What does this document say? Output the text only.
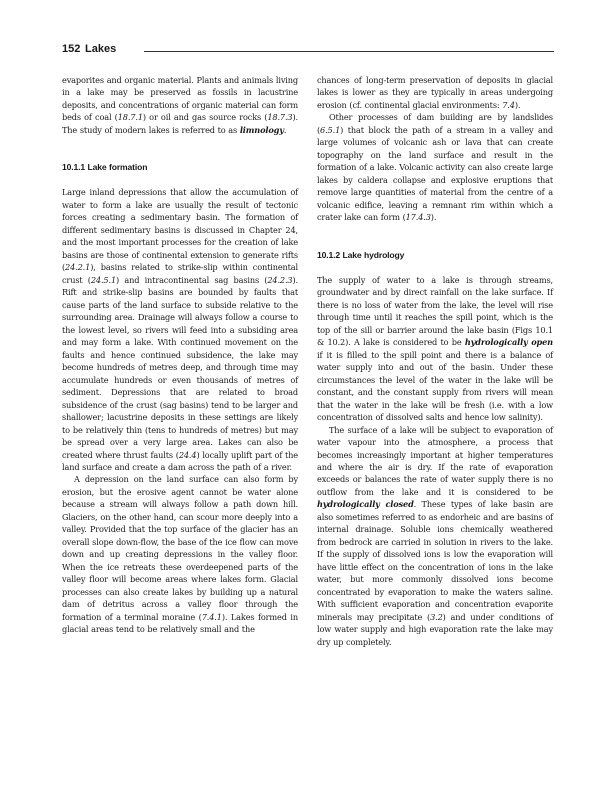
152 Lakes

evaporites and organic material. Plants and animals living in a lake may be preserved as fossils in lacustrine deposits, and concentrations of organic material can form beds of coal (18.7.1) or oil and gas source rocks (18.7.3). The study of modern lakes is referred to as limnology.

10.1.1 Lake formation

Large inland depressions that allow the accumulation of water to form a lake are usually the result of tectonic forces creating a sedimentary basin. The formation of different sedimentary basins is discussed in Chapter 24, and the most important processes for the creation of lake basins are those of continental extension to generate rifts (24.2.1), basins related to strike-slip within continental crust (24.5.1) and intracontinental sag basins (24.2.3). Rift and strike-slip basins are bounded by faults that cause parts of the land surface to subside relative to the surrounding area. Drainage will always follow a course to the lowest level, so rivers will feed into a subsiding area and may form a lake. With continued movement on the faults and hence continued subsidence, the lake may become hundreds of metres deep, and through time may accumulate hundreds or even thousands of metres of sediment. Depressions that are related to broad subsidence of the crust (sag basins) tend to be larger and shallower; lacustrine deposits in these settings are likely to be relatively thin (tens to hundreds of metres) but may be spread over a very large area. Lakes can also be created where thrust faults (24.4) locally uplift part of the land surface and create a dam across the path of a river.

A depression on the land surface can also form by erosion, but the erosive agent cannot be water alone because a stream will always follow a path down hill. Glaciers, on the other hand, can scour more deeply into a valley. Provided that the top surface of the glacier has an overall slope down-flow, the base of the ice flow can move down and up creating depressions in the valley floor. When the ice retreats these overdeepened parts of the valley floor will become areas where lakes form. Glacial processes can also create lakes by building up a natural dam of detritus across a valley floor through the formation of a terminal moraine (7.4.1). Lakes formed in glacial areas tend to be relatively small and the

chances of long-term preservation of deposits in glacial lakes is lower as they are typically in areas undergoing erosion (cf. continental glacial environments: 7.4).

Other processes of dam building are by landslides (6.5.1) that block the path of a stream in a valley and large volumes of volcanic ash or lava that can create topography on the land surface and result in the formation of a lake. Volcanic activity can also create large lakes by caldera collapse and explosive eruptions that remove large quantities of material from the centre of a volcanic edifice, leaving a remnant rim within which a crater lake can form (17.4.3).

10.1.2 Lake hydrology

The supply of water to a lake is through streams, groundwater and by direct rainfall on the lake surface. If there is no loss of water from the lake, the level will rise through time until it reaches the spill point, which is the top of the sill or barrier around the lake basin (Figs 10.1 & 10.2). A lake is considered to be hydrologically open if it is filled to the spill point and there is a balance of water supply into and out of the basin. Under these circumstances the level of the water in the lake will be constant, and the constant supply from rivers will mean that the water in the lake will be fresh (i.e. with a low concentration of dissolved salts and hence low salinity).

The surface of a lake will be subject to evaporation of water vapour into the atmosphere, a process that becomes increasingly important at higher temperatures and where the air is dry. If the rate of evaporation exceeds or balances the rate of water supply there is no outflow from the lake and it is considered to be hydrologically closed. These types of lake basin are also sometimes referred to as endorheic and are basins of internal drainage. Soluble ions chemically weathered from bedrock are carried in solution in rivers to the lake. If the supply of dissolved ions is low the evaporation will have little effect on the concentration of ions in the lake water, but more commonly dissolved ions become concentrated by evaporation to make the waters saline. With sufficient evaporation and concentration evaporite minerals may precipitate (3.2) and under conditions of low water supply and high evaporation rate the lake may dry up completely.
